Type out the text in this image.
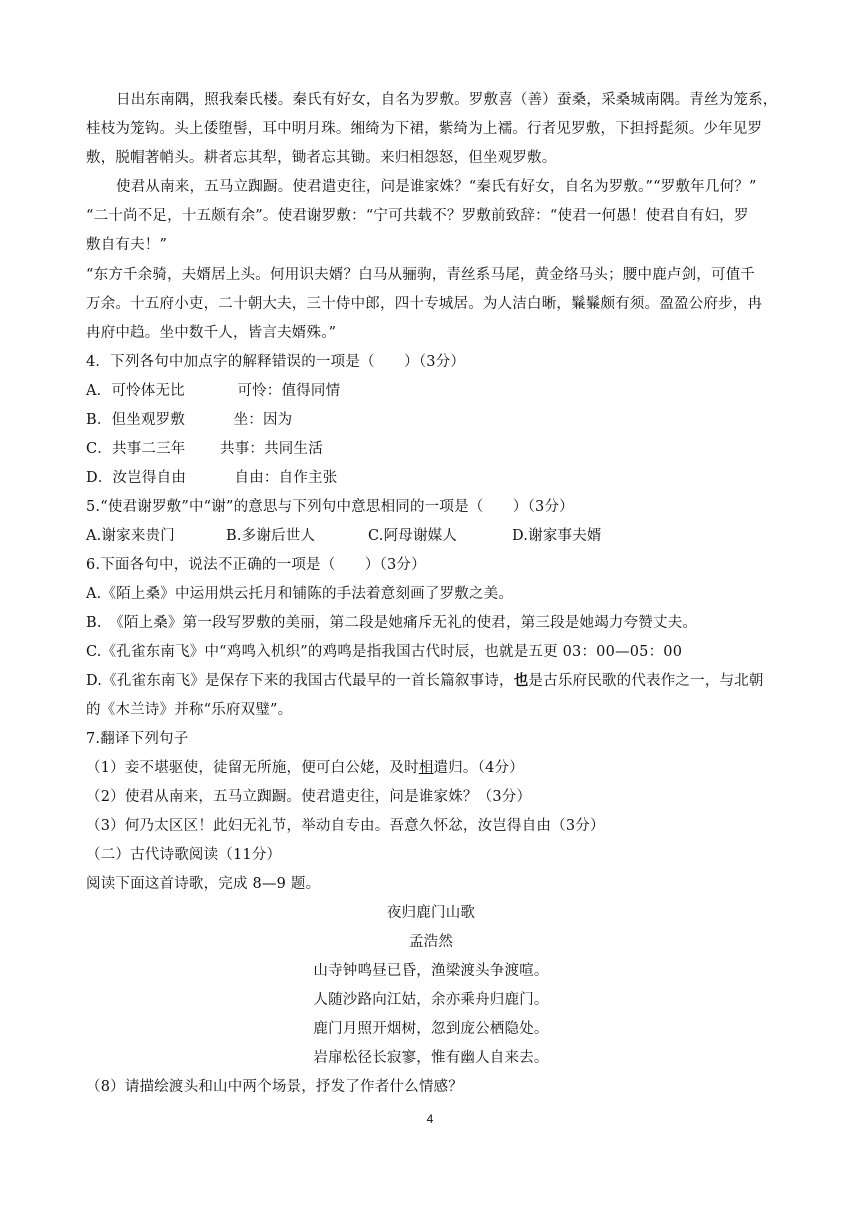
日出东南隅，照我秦氏楼。秦氏有好女，自名为罗敷。罗敷喜（善）蚕桑，采桑城南隅。青丝为笼系，
桂枝为笼钩。头上倭堕髻，耳中明月珠。缃绮为下裙，紫绮为上襦。行者见罗敷，下担捋髭须。少年见罗
敷，脱帽著帩头。耕者忘其犁，锄者忘其锄。来归相怨怒，但坐观罗敷。
使君从南来，五马立踟蹰。使君遣吏往，问是谁家姝？“秦氏有好女，自名为罗敷。”“罗敷年几何？”
“二十尚不足，十五颇有余”。使君谢罗敷：“宁可共载不？罗敷前致辞：“使君一何愚！使君自有妇，罗
敷自有夫！”
“东方千余骑，夫婿居上头。何用识夫婿？白马从骊驹，青丝系马尾，黄金络马头；腰中鹿卢剑，可值千
万余。十五府小吏，二十朝大夫，三十侍中郎，四十专城居。为人洁白晰，鬑鬑颇有须。盈盈公府步，冉
冉府中趋。坐中数千人，皆言夫婿殊。”
4．下列各句中加点字的解释错误的一项是（　　）（3分）
A．可怜体无比	可怜：值得同情
B．但坐观罗敷	坐：因为
C．共事二三年 共事：共同生活
D．汝岂得自由	自由：自作主张
5.“使君谢罗敷”中“谢”的意思与下列句中意思相同的一项是（　　）（3分）
A.谢家来贵门	B.多谢后世人	C.阿母谢媒人	D.谢家事夫婿
6.下面各句中，说法不正确的一项是（　　）（3分）
A.《陌上桑》中运用烘云托月和铺陈的手法着意刻画了罗敷之美。
B.　《陌上桑》第一段写罗敷的美丽，第二段是她痛斥无礼的使君，第三段是她竭力夸赞丈夫。
C.《孔雀东南飞》中“鸡鸣入机织”的鸡鸣是指我国古代时辰，也就是五更 03：00—05：00
D.《孔雀东南飞》是保存下来的我国古代最早的一首长篇叙事诗，也是古乐府民歌的代表作之一，与北朝
的《木兰诗》并称“乐府双璧”。
7.翻译下列句子
（1）妾不堪驱使，徒留无所施，便可白公姥，及时相遣归。（4分）
（2）使君从南来，五马立踟蹰。使君遣吏往，问是谁家姝？（3分）
（3）何乃太区区！此妇无礼节，举动自专由。吾意久怀忿，汝岂得自由（3分）
（二）古代诗歌阅读（11分）
阅读下面这首诗歌，完成 8—9 题。
夜归鹿门山歌
孟浩然
山寺钟鸣昼已昏，渔梁渡头争渡喧。
人随沙路向江姑，余亦乘舟归鹿门。
鹿门月照开烟树，忽到庞公栖隐处。
岩扉松径长寂寥，惟有幽人自来去。
（8）请描绘渡头和山中两个场景，抒发了作者什么情感？
4
